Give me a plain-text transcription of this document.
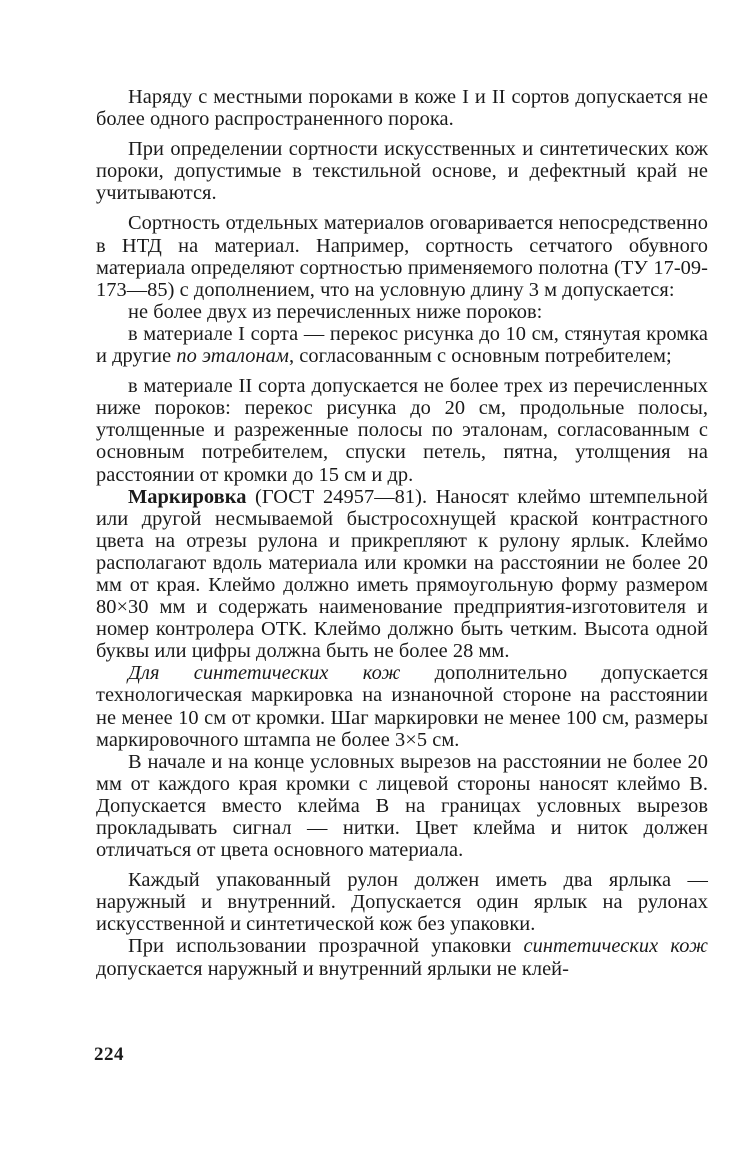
Наряду с местными пороками в коже I и II сортов допускается не более одного распространенного порока.

При определении сортности искусственных и синтетических кож пороки, допустимые в текстильной основе, и дефектный край не учитываются.

Сортность отдельных материалов оговаривается непосредственно в НТД на материал. Например, сортность сетчатого обувного материала определяют сортностью применяемого полотна (ТУ 17-09-173—85) с дополнением, что на условную длину 3 м допускается:

не более двух из перечисленных ниже пороков:

в материале I сорта — перекос рисунка до 10 см, стянутая кромка и другие по эталонам, согласованным с основным потребителем;

в материале II сорта допускается не более трех из перечисленных ниже пороков: перекос рисунка до 20 см, продольные полосы, утолщенные и разреженные полосы по эталонам, согласованным с основным потребителем, спуски петель, пятна, утолщения на расстоянии от кромки до 15 см и др.

Маркировка (ГОСТ 24957—81). Наносят клеймо штемпельной или другой несмываемой быстросохнущей краской контрастного цвета на отрезы рулона и прикрепляют к рулону ярлык. Клеймо располагают вдоль материала или кромки на расстоянии не более 20 мм от края. Клеймо должно иметь прямоугольную форму размером 80×30 мм и содержать наименование предприятия-изготовителя и номер контролера ОТК. Клеймо должно быть четким. Высота одной буквы или цифры должна быть не более 28 мм.

Для синтетических кож дополнительно допускается технологическая маркировка на изнаночной стороне на расстоянии не менее 10 см от кромки. Шаг маркировки не менее 100 см, размеры маркировочного штампа не более 3×5 см.

В начале и на конце условных вырезов на расстоянии не более 20 мм от каждого края кромки с лицевой стороны наносят клеймо В. Допускается вместо клейма В на границах условных вырезов прокладывать сигнал — нитки. Цвет клейма и ниток должен отличаться от цвета основного материала.

Каждый упакованный рулон должен иметь два ярлыка — наружный и внутренний. Допускается один ярлык на рулонах искусственной и синтетической кож без упаковки.

При использовании прозрачной упаковки синтетических кож допускается наружный и внутренний ярлыки не клей-

224
